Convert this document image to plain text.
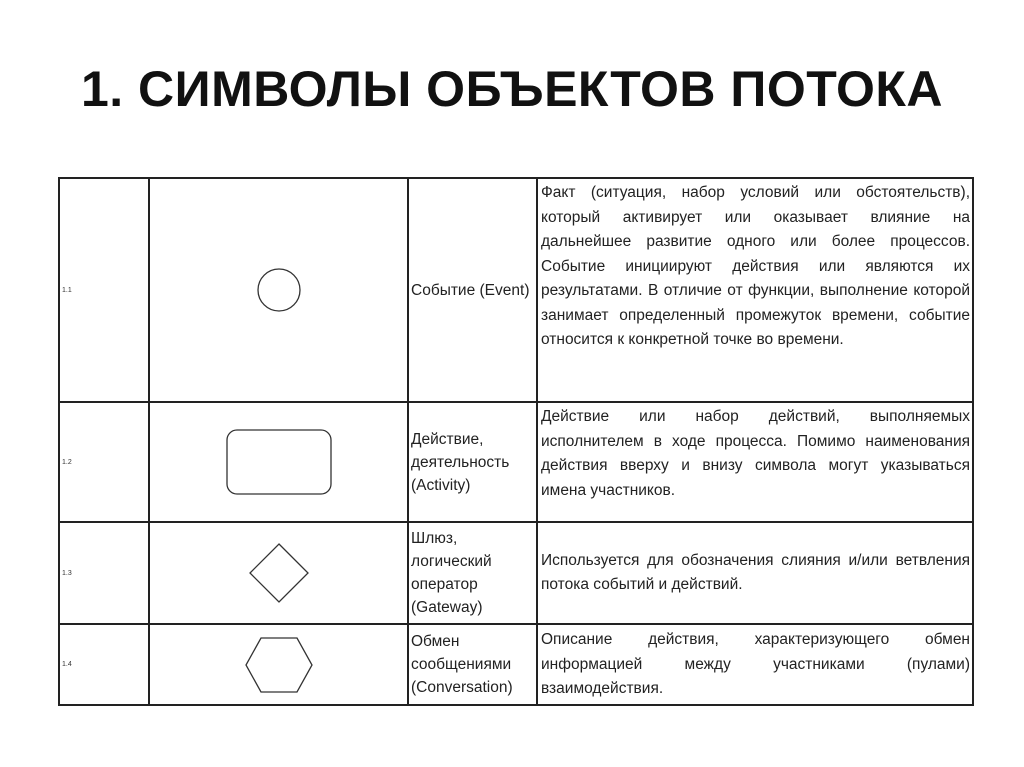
1. СИМВОЛЫ ОБЪЕКТОВ ПОТОКА
1.1		Событие (Event)	Факт (ситуация, набор условий или обстоятельств), который активирует или оказывает влияние на дальнейшее развитие одного или более процессов. Событие инициируют действия или являются их результатами. В отличие от функции, выполнение которой занимает определенный промежуток времени, событие относится к конкретной точке во времени.
1.2		Действие, деятельность (Activity)	Действие или набор действий, выполняемых исполнителем в ходе процесса. Помимо наименования действия вверху и внизу символа могут указываться имена участников.
1.3		Шлюз, логический оператор (Gateway)	Используется для обозначения слияния и/или ветвления потока событий и действий.
1.4		Обмен сообщениями (Conversation)	Описание действия, характеризующего обмен информацией между участниками (пулами) взаимодействия.
